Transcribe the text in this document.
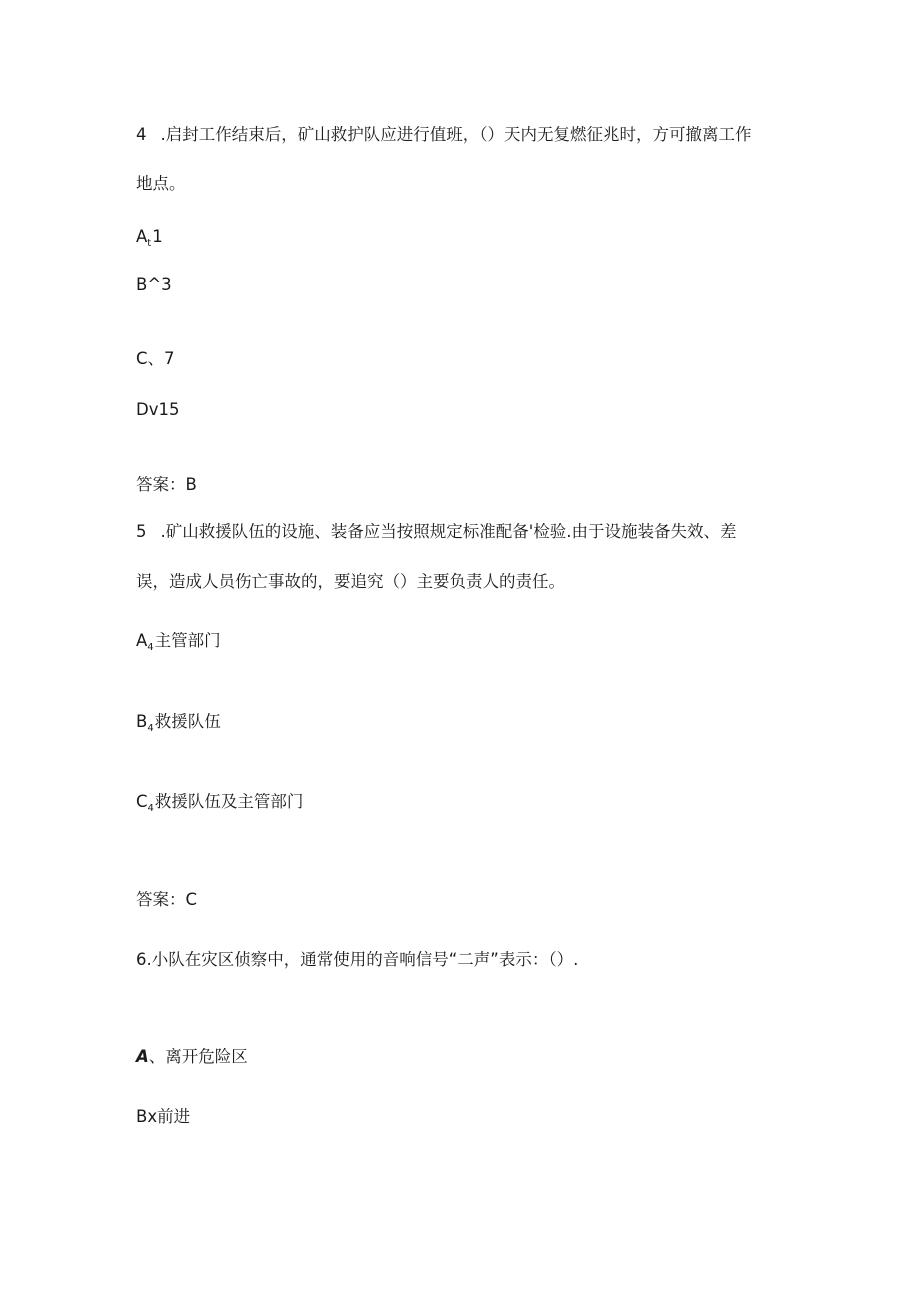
4 .启封工作结束后，矿山救护队应进行值班，（）天内无复燃征兆时，方可撤离工作
地点。
$A_t1$
B^3
C、7
Dv15
答案：B
5 .矿山救援队伍的设施、装备应当按照规定标准配备'检验.由于设施装备失效、差
误，造成人员伤亡事故的，要追究（）主要负责人的责任。
$A_4$主管部门
$B_4$救援队伍
$C_4$救援队伍及主管部门
答案：C
6.小队在灾区侦察中，通常使用的音响信号“二声”表示：（）.
A、离开危险区
Bx前进
